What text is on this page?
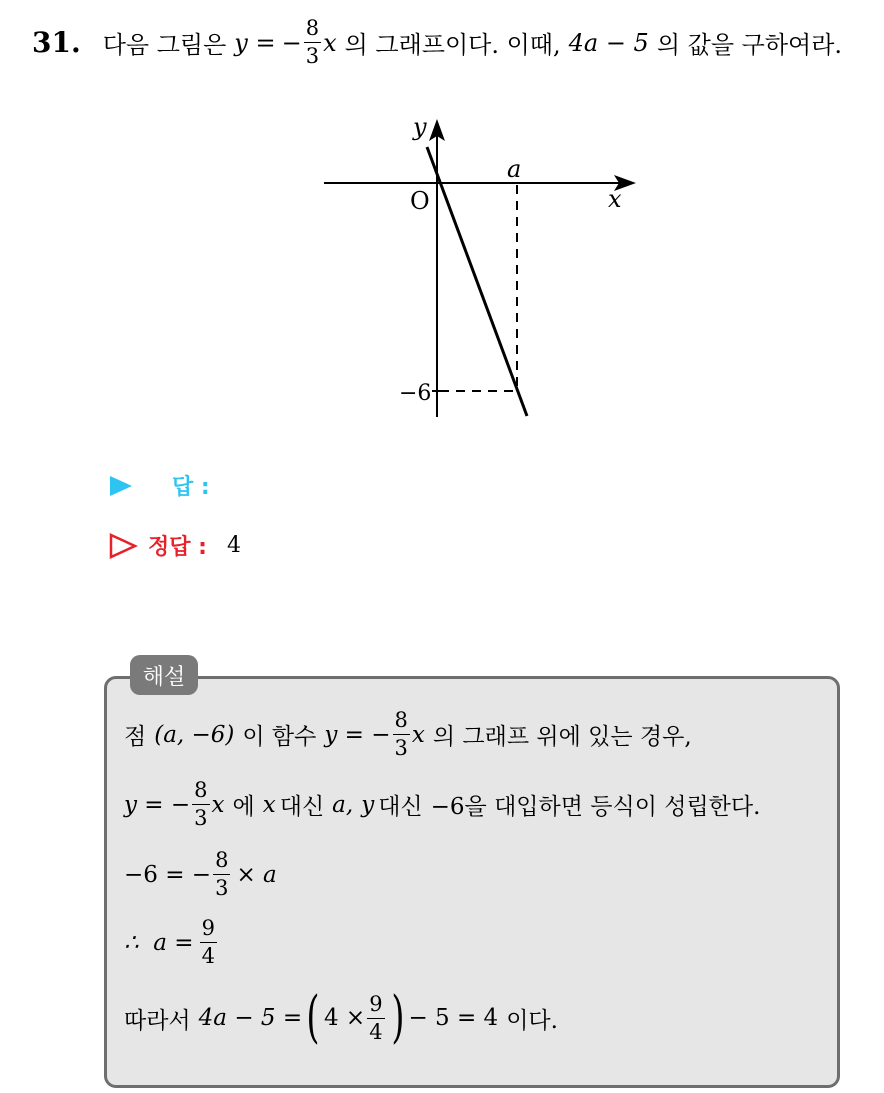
31. 다음 그림은 y = − $\frac{8}{3}$ x 의 그래프이다. 이때, 4a − 5 의 값을 구하여라.
y
x
O
a
−6
답 :
정답 : 4
해설
점 (a, −6) 이 함수 y = − $\frac{8}{3}$ x 의 그래프 위에 있는 경우,
y = − $\frac{8}{3}$ x 에 x 대신 a, y 대신 −6을 대입하면 등식이 성립한다.
−6 = − $\frac{8}{3} \times a$
∴  $a = \frac{9}{4}$
따라서 4a − 5 = ( $4 \times \frac{9}{4}$ ) − 5 = 4 이다.
